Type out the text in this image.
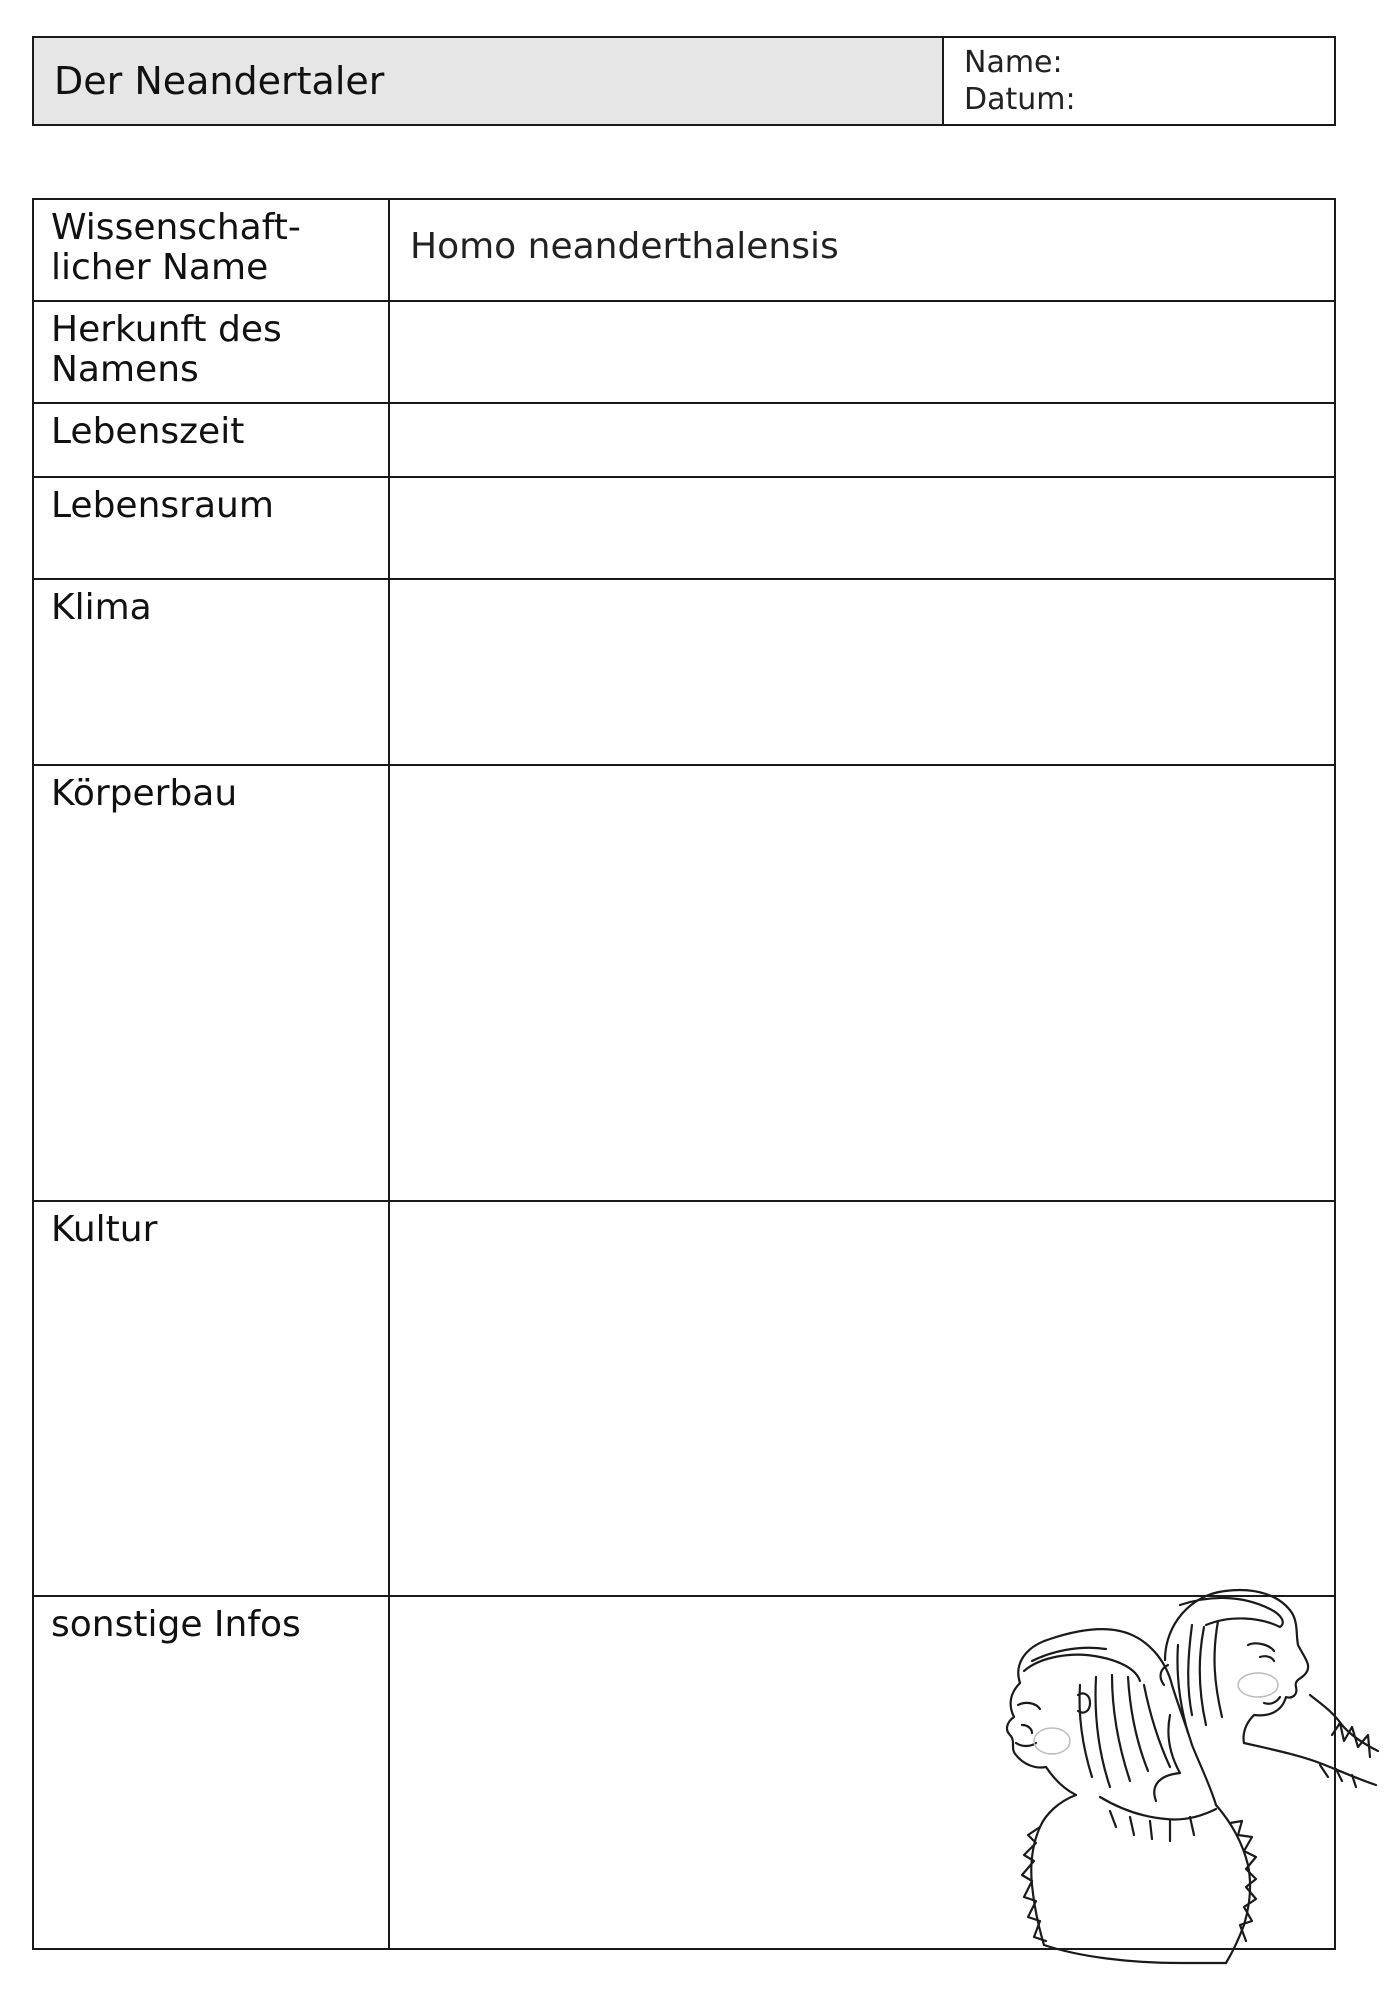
Der Neandertaler	Name:
Datum:
Wissenschaft-
licher Name	Homo neanderthalensis

Herkunft des
Namens	

Lebenszeit	

Lebensraum	

Klima	

Körperbau	

Kultur	

sonstige Infos	
